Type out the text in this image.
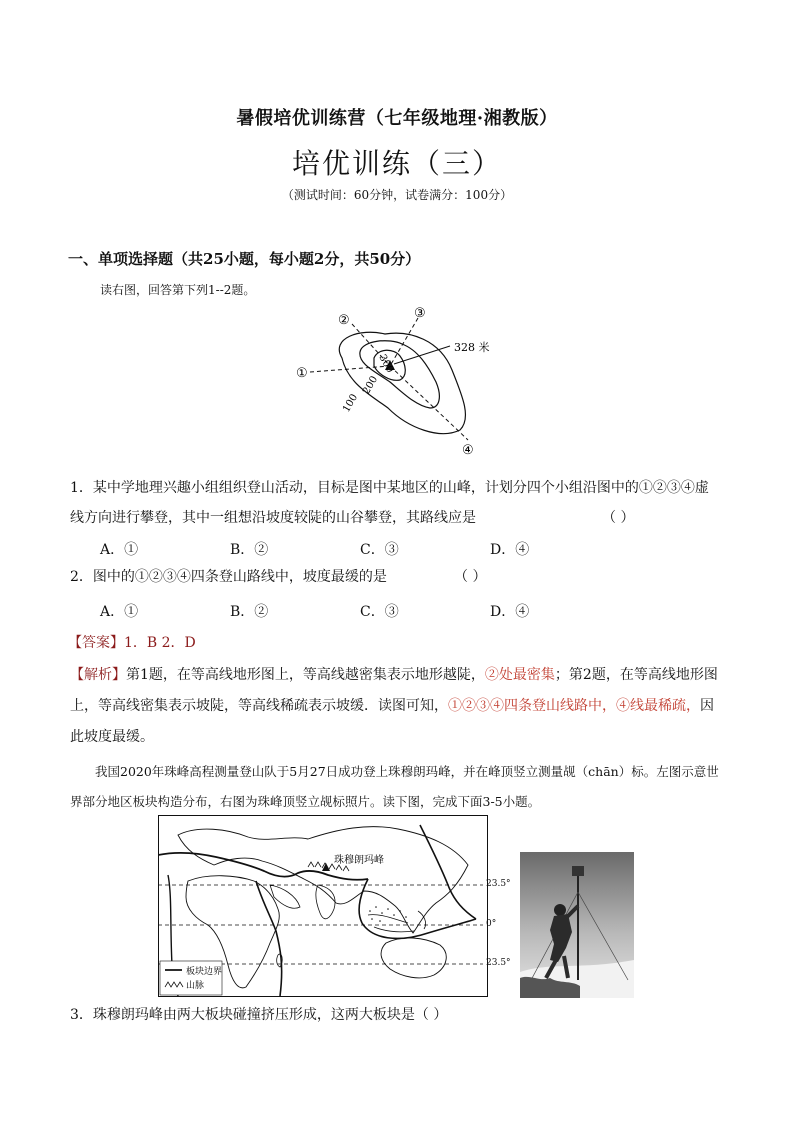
暑假培优训练营（七年级地理·湘教版）
培优训练（三）
（测试时间：60分钟，试卷满分：100分）
一、单项选择题（共25小题，每小题2分，共50分）
读右图，回答第下列1--2题。
328 米
300
200
100
①
②	③
④
1．某中学地理兴趣小组组织登山活动，目标是图中某地区的山峰，计划分四个小组沿图中的①②③④虚
线方向进行攀登，其中一组想沿坡度较陡的山谷攀登，其路线应是	（ ）
A．①	B．②	C．③	D．④
2．图中的①②③④四条登山路线中，坡度最缓的是	（ ）
A．①	B．②	C．③	D．④
【答案】1．B 2．D
【解析】第1题，在等高线地形图上，等高线越密集表示地形越陡，②处最密集；第2题，在等高线地形图上，等高线密集表示坡陡，等高线稀疏表示坡缓．读图可知，①②③④四条登山线路中，④线最稀疏，因此坡度最缓。
我国2020年珠峰高程测量登山队于5月27日成功登上珠穆朗玛峰，并在峰顶竖立测量觇（chān）标。左图示意世界部分地区板块构造分布，右图为珠峰顶竖立觇标照片。读下图，完成下面3-5小题。
珠穆朗玛峰
板块边界
山脉
23.5°
0°
23.5°
3．珠穆朗玛峰由两大板块碰撞挤压形成，这两大板块是（ ）
